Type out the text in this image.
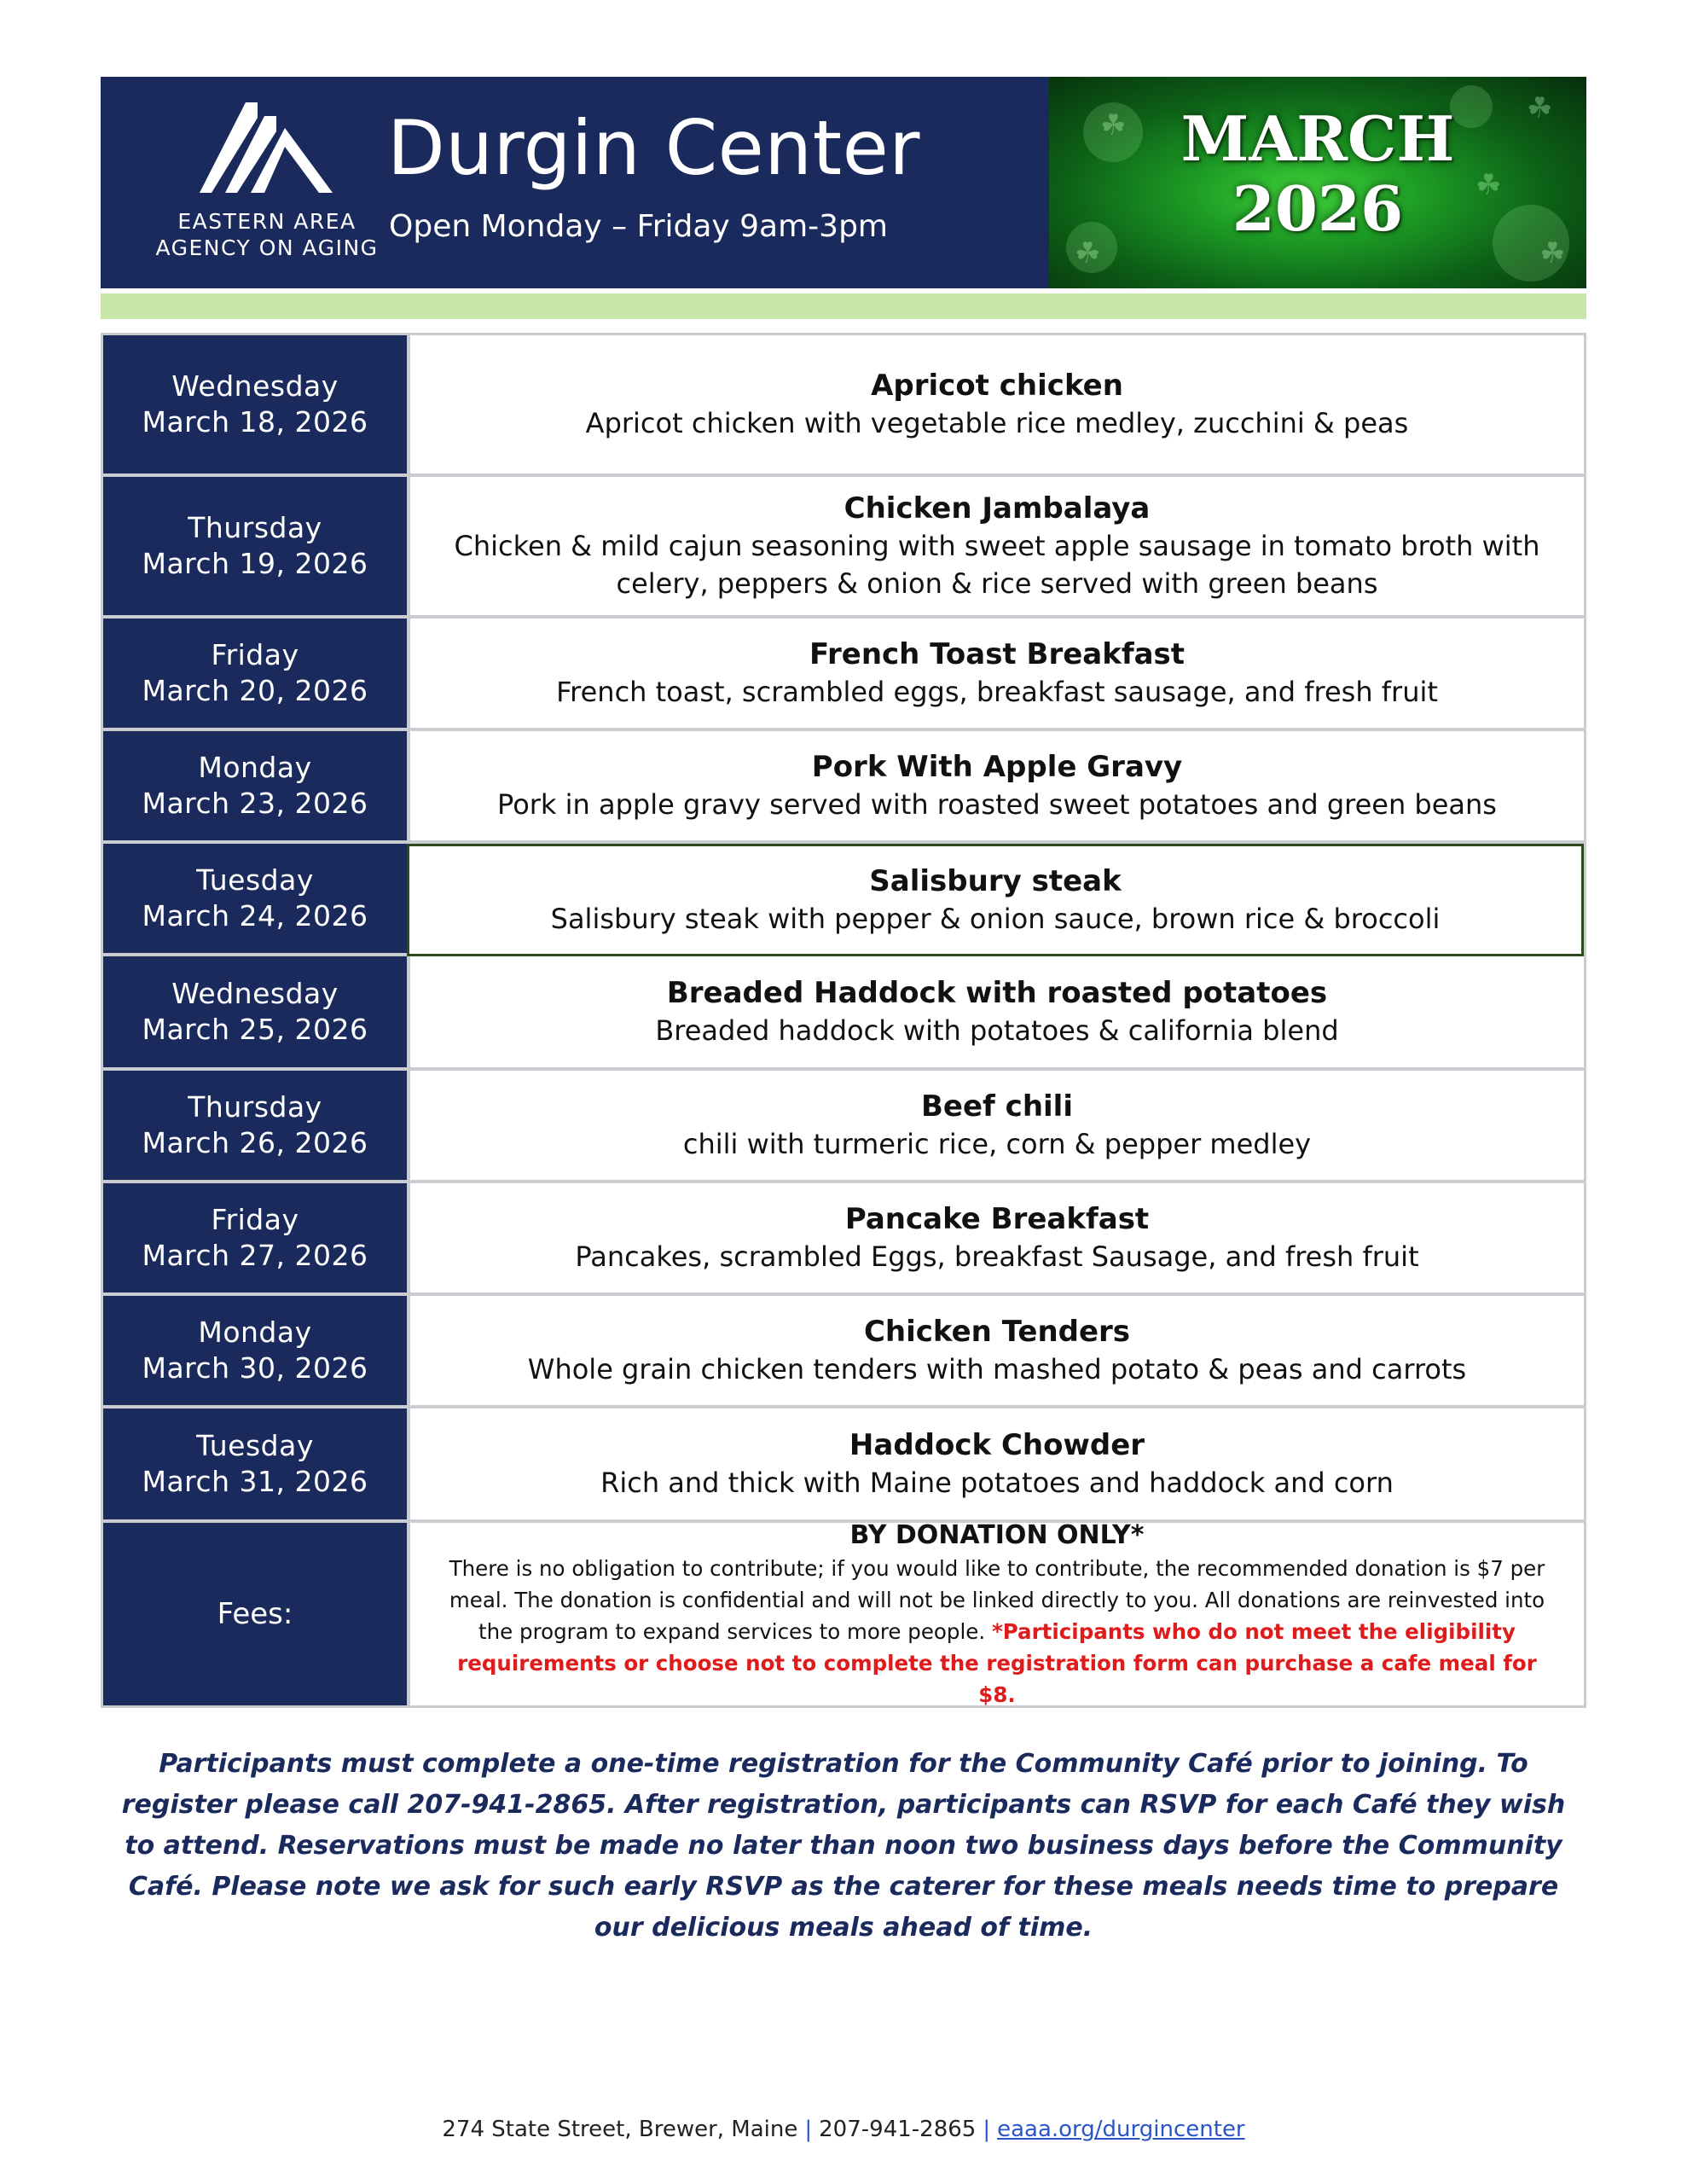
EASTERN AREA
AGENCY ON AGING
Durgin Center
Open Monday – Friday 9am-3pm
☘	☘
☘	☘
☘
MARCH
2026
Wednesday
March 18, 2026
Apricot chicken
Apricot chicken with vegetable rice medley, zucchini & peas
Thursday
March 19, 2026
Chicken Jambalaya
Chicken & mild cajun seasoning with sweet apple sausage in tomato broth with celery, peppers & onion & rice served with green beans
Friday
March 20, 2026
French Toast Breakfast
French toast, scrambled eggs, breakfast sausage, and fresh fruit
Monday
March 23, 2026
Pork With Apple Gravy
Pork in apple gravy served with roasted sweet potatoes and green beans
Tuesday
March 24, 2026
Salisbury steak
Salisbury steak with pepper & onion sauce, brown rice & broccoli
Wednesday
March 25, 2026
Breaded Haddock with roasted potatoes
Breaded haddock with potatoes & california blend
Thursday
March 26, 2026
Beef chili
chili with turmeric rice, corn & pepper medley
Friday
March 27, 2026
Pancake Breakfast
Pancakes, scrambled Eggs, breakfast Sausage, and fresh fruit
Monday
March 30, 2026
Chicken Tenders
Whole grain chicken tenders with mashed potato & peas and carrots
Tuesday
March 31, 2026
Haddock Chowder
Rich and thick with Maine potatoes and haddock and corn
Fees:
BY DONATION ONLY*
There is no obligation to contribute; if you would like to contribute, the recommended donation is $7 per meal. The donation is confidential and will not be linked directly to you. All donations are reinvested into the program to expand services to more people. *Participants who do not meet the eligibility requirements or choose not to complete the registration form can purchase a cafe meal for $8.
Participants must complete a one-time registration for the Community Café prior to joining. To register please call 207-941-2865. After registration, participants can RSVP for each Café they wish to attend. Reservations must be made no later than noon two business days before the Community Café. Please note we ask for such early RSVP as the caterer for these meals needs time to prepare our delicious meals ahead of time.
274 State Street, Brewer, Maine | 207-941-2865 | eaaa.org/durgincenter
